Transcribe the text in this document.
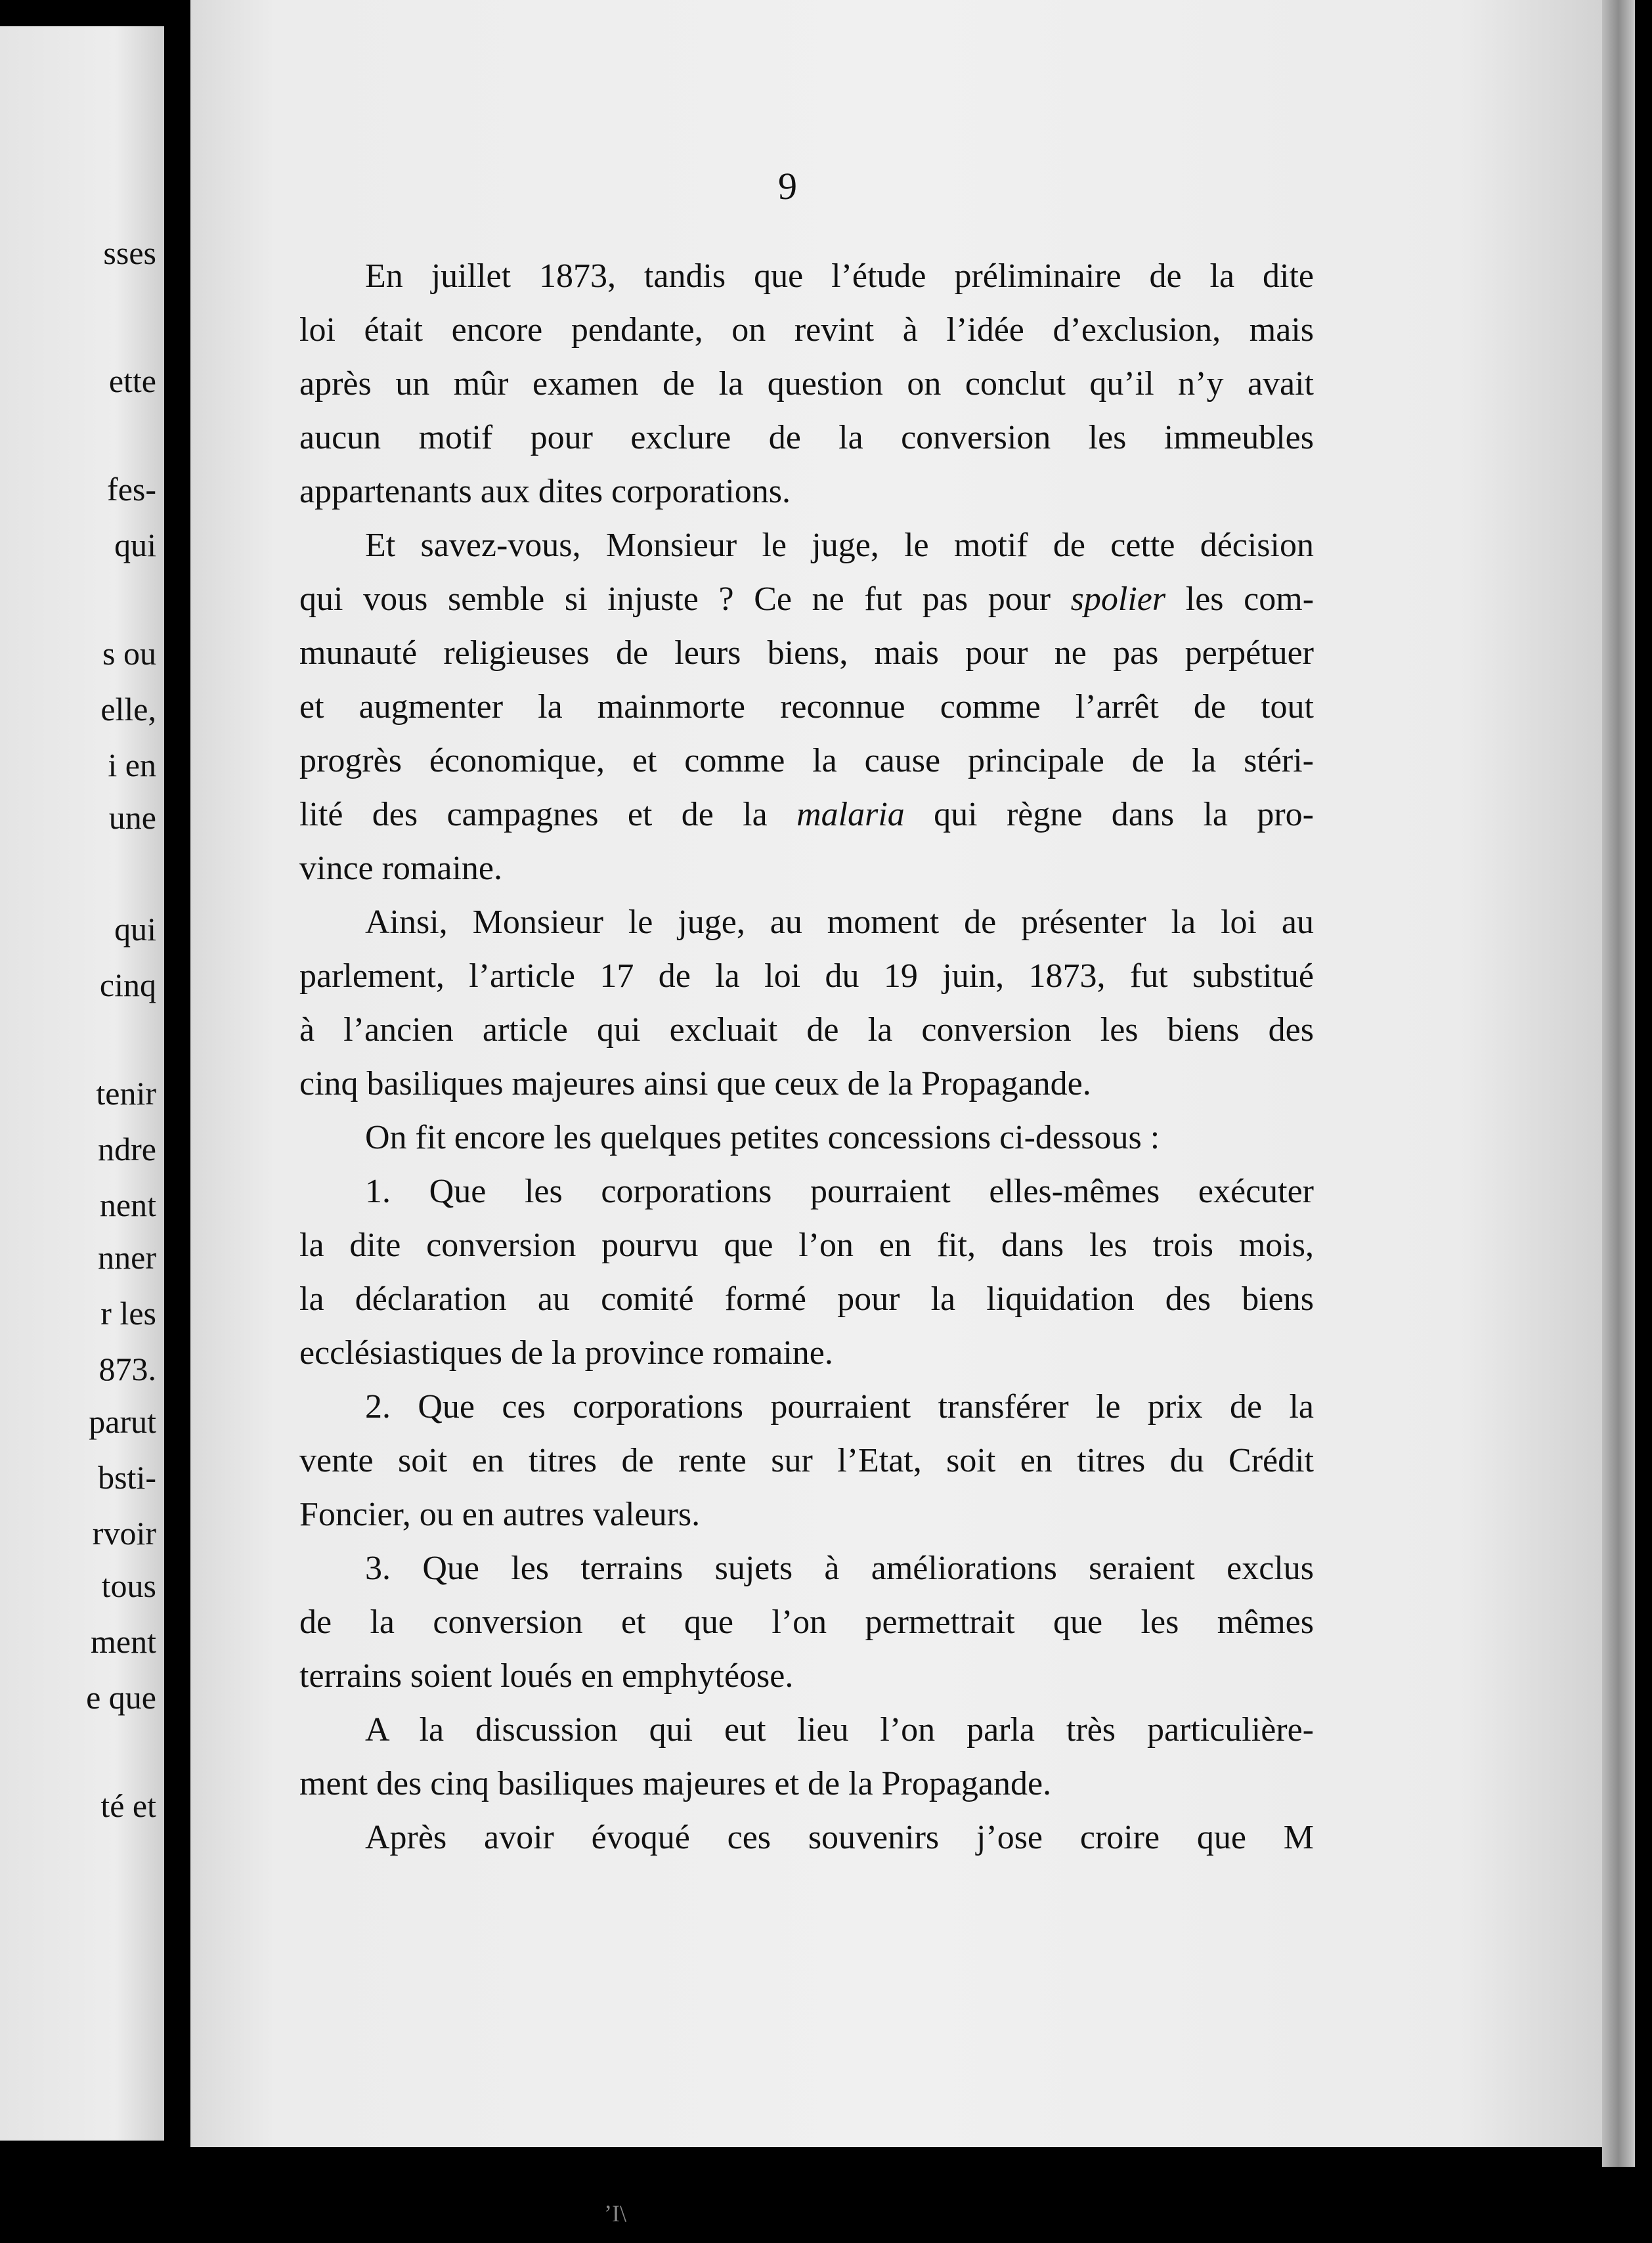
sses
ette
fes-
qui
s ou
elle,
i en
une
qui
cinq
tenir
ndre
nent
nner
r les
873.
parut
bsti-
rvoir
tous
ment
e que
té et
9
En juillet 1873, tandis que l’étude préliminaire de la dite
loi était encore pendante, on revint à l’idée d’exclusion, mais
après un mûr examen de la question on conclut qu’il n’y avait
aucun motif pour exclure de la conversion les immeubles
appartenants aux dites corporations.
Et savez-vous, Monsieur le juge, le motif de cette décision
qui vous semble si injuste ? Ce ne fut pas pour spolier les com-
munauté religieuses de leurs biens, mais pour ne pas perpétuer
et augmenter la mainmorte reconnue comme l’arrêt de tout
progrès économique, et comme la cause principale de la stéri-
lité des campagnes et de la malaria qui règne dans la pro-
vince romaine.
Ainsi, Monsieur le juge, au moment de présenter la loi au
parlement, l’article 17 de la loi du 19 juin, 1873, fut substitué
à l’ancien article qui excluait de la conversion les biens des
cinq basiliques majeures ainsi que ceux de la Propagande.
On fit encore les quelques petites concessions ci-dessous :
1. Que les corporations pourraient elles-mêmes exécuter
la dite conversion pourvu que l’on en fit, dans les trois mois,
la déclaration au comité formé pour la liquidation des biens
ecclésiastiques de la province romaine.
2. Que ces corporations pourraient transférer le prix de la
vente soit en titres de rente sur l’Etat, soit en titres du Crédit
Foncier, ou en autres valeurs.
3. Que les terrains sujets à améliorations seraient exclus
de la conversion et que l’on permettrait que les mêmes
terrains soient loués en emphytéose.
A la discussion qui eut lieu l’on parla très particulière-
ment des cinq basiliques majeures et de la Propagande.
Après avoir évoqué ces souvenirs j’ose croire que M
ʼI\
